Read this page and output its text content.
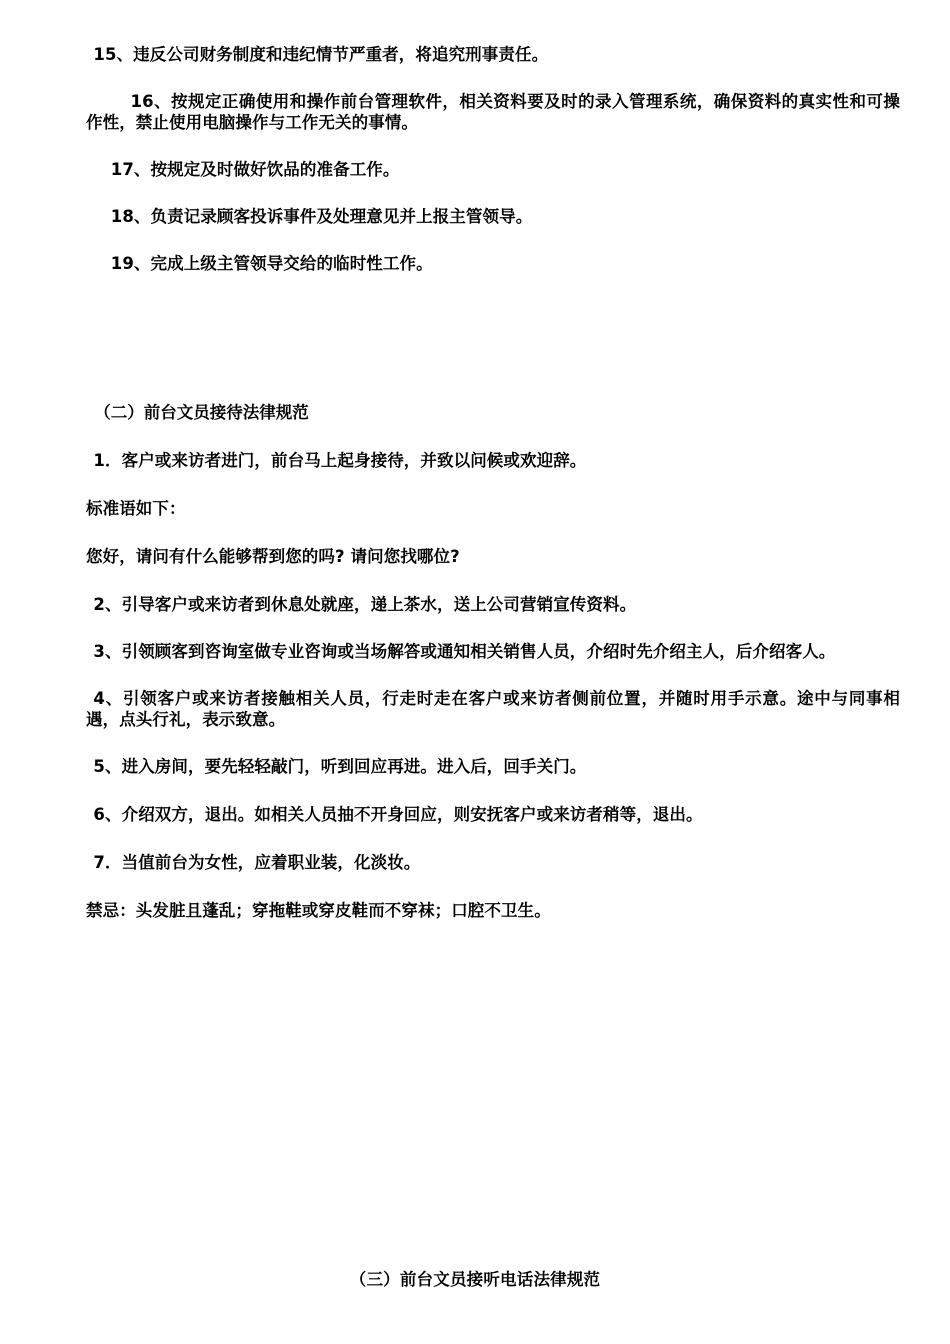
15、违反公司财务制度和违纪情节严重者，将追究刑事责任。

16、按规定正确使用和操作前台管理软件，相关资料要及时的录入管理系统，确保资料的真实性和可操作性，禁止使用电脑操作与工作无关的事情。

17、按规定及时做好饮品的准备工作。

18、负责记录顾客投诉事件及处理意见并上报主管领导。

19、完成上级主管领导交给的临时性工作。

（二）前台文员接待法律规范

1．客户或来访者进门，前台马上起身接待，并致以问候或欢迎辞。

标准语如下：

您好，请问有什么能够帮到您的吗? 请问您找哪位?

2、引导客户或来访者到休息处就座，递上茶水，送上公司营销宣传资料。

3、引领顾客到咨询室做专业咨询或当场解答或通知相关销售人员，介绍时先介绍主人，后介绍客人。

4、引领客户或来访者接触相关人员，行走时走在客户或来访者侧前位置，并随时用手示意。途中与同事相遇，点头行礼，表示致意。

5、进入房间，要先轻轻敲门，听到回应再进。进入后，回手关门。

6、介绍双方，退出。如相关人员抽不开身回应，则安抚客户或来访者稍等，退出。

7．当值前台为女性，应着职业装，化淡妆。

禁忌：头发脏且蓬乱；穿拖鞋或穿皮鞋而不穿袜；口腔不卫生。

（三）前台文员接听电话法律规范
